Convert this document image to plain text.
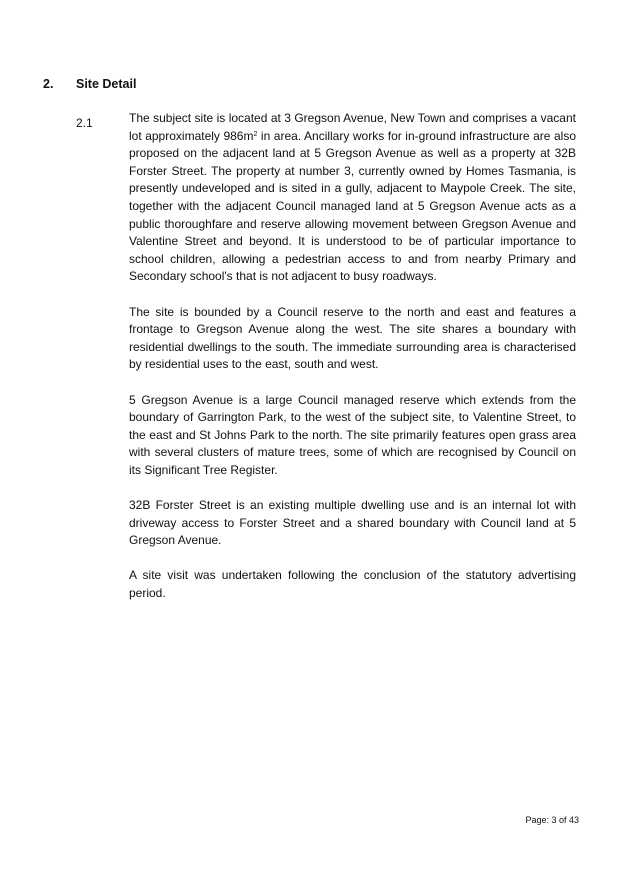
2.	Site Detail
2.1	The subject site is located at 3 Gregson Avenue, New Town and comprises a vacant lot approximately $986m^2$ in area. Ancillary works for in-ground infrastructure are also proposed on the adjacent land at 5 Gregson Avenue as well as a property at 32B Forster Street. The property at number 3, currently owned by Homes Tasmania, is presently undeveloped and is sited in a gully, adjacent to Maypole Creek. The site, together with the adjacent Council managed land at 5 Gregson Avenue acts as a public thoroughfare and reserve allowing movement between Gregson Avenue and Valentine Street and beyond. It is understood to be of particular importance to school children, allowing a pedestrian access to and from nearby Primary and Secondary school's that is not adjacent to busy roadways.

The site is bounded by a Council reserve to the north and east and features a frontage to Gregson Avenue along the west. The site shares a boundary with residential dwellings to the south. The immediate surrounding area is characterised by residential uses to the east, south and west.

5 Gregson Avenue is a large Council managed reserve which extends from the boundary of Garrington Park, to the west of the subject site, to Valentine Street, to the east and St Johns Park to the north. The site primarily features open grass area with several clusters of mature trees, some of which are recognised by Council on its Significant Tree Register.

32B Forster Street is an existing multiple dwelling use and is an internal lot with driveway access to Forster Street and a shared boundary with Council land at 5 Gregson Avenue.

A site visit was undertaken following the conclusion of the statutory advertising period.

Page: 3 of 43
